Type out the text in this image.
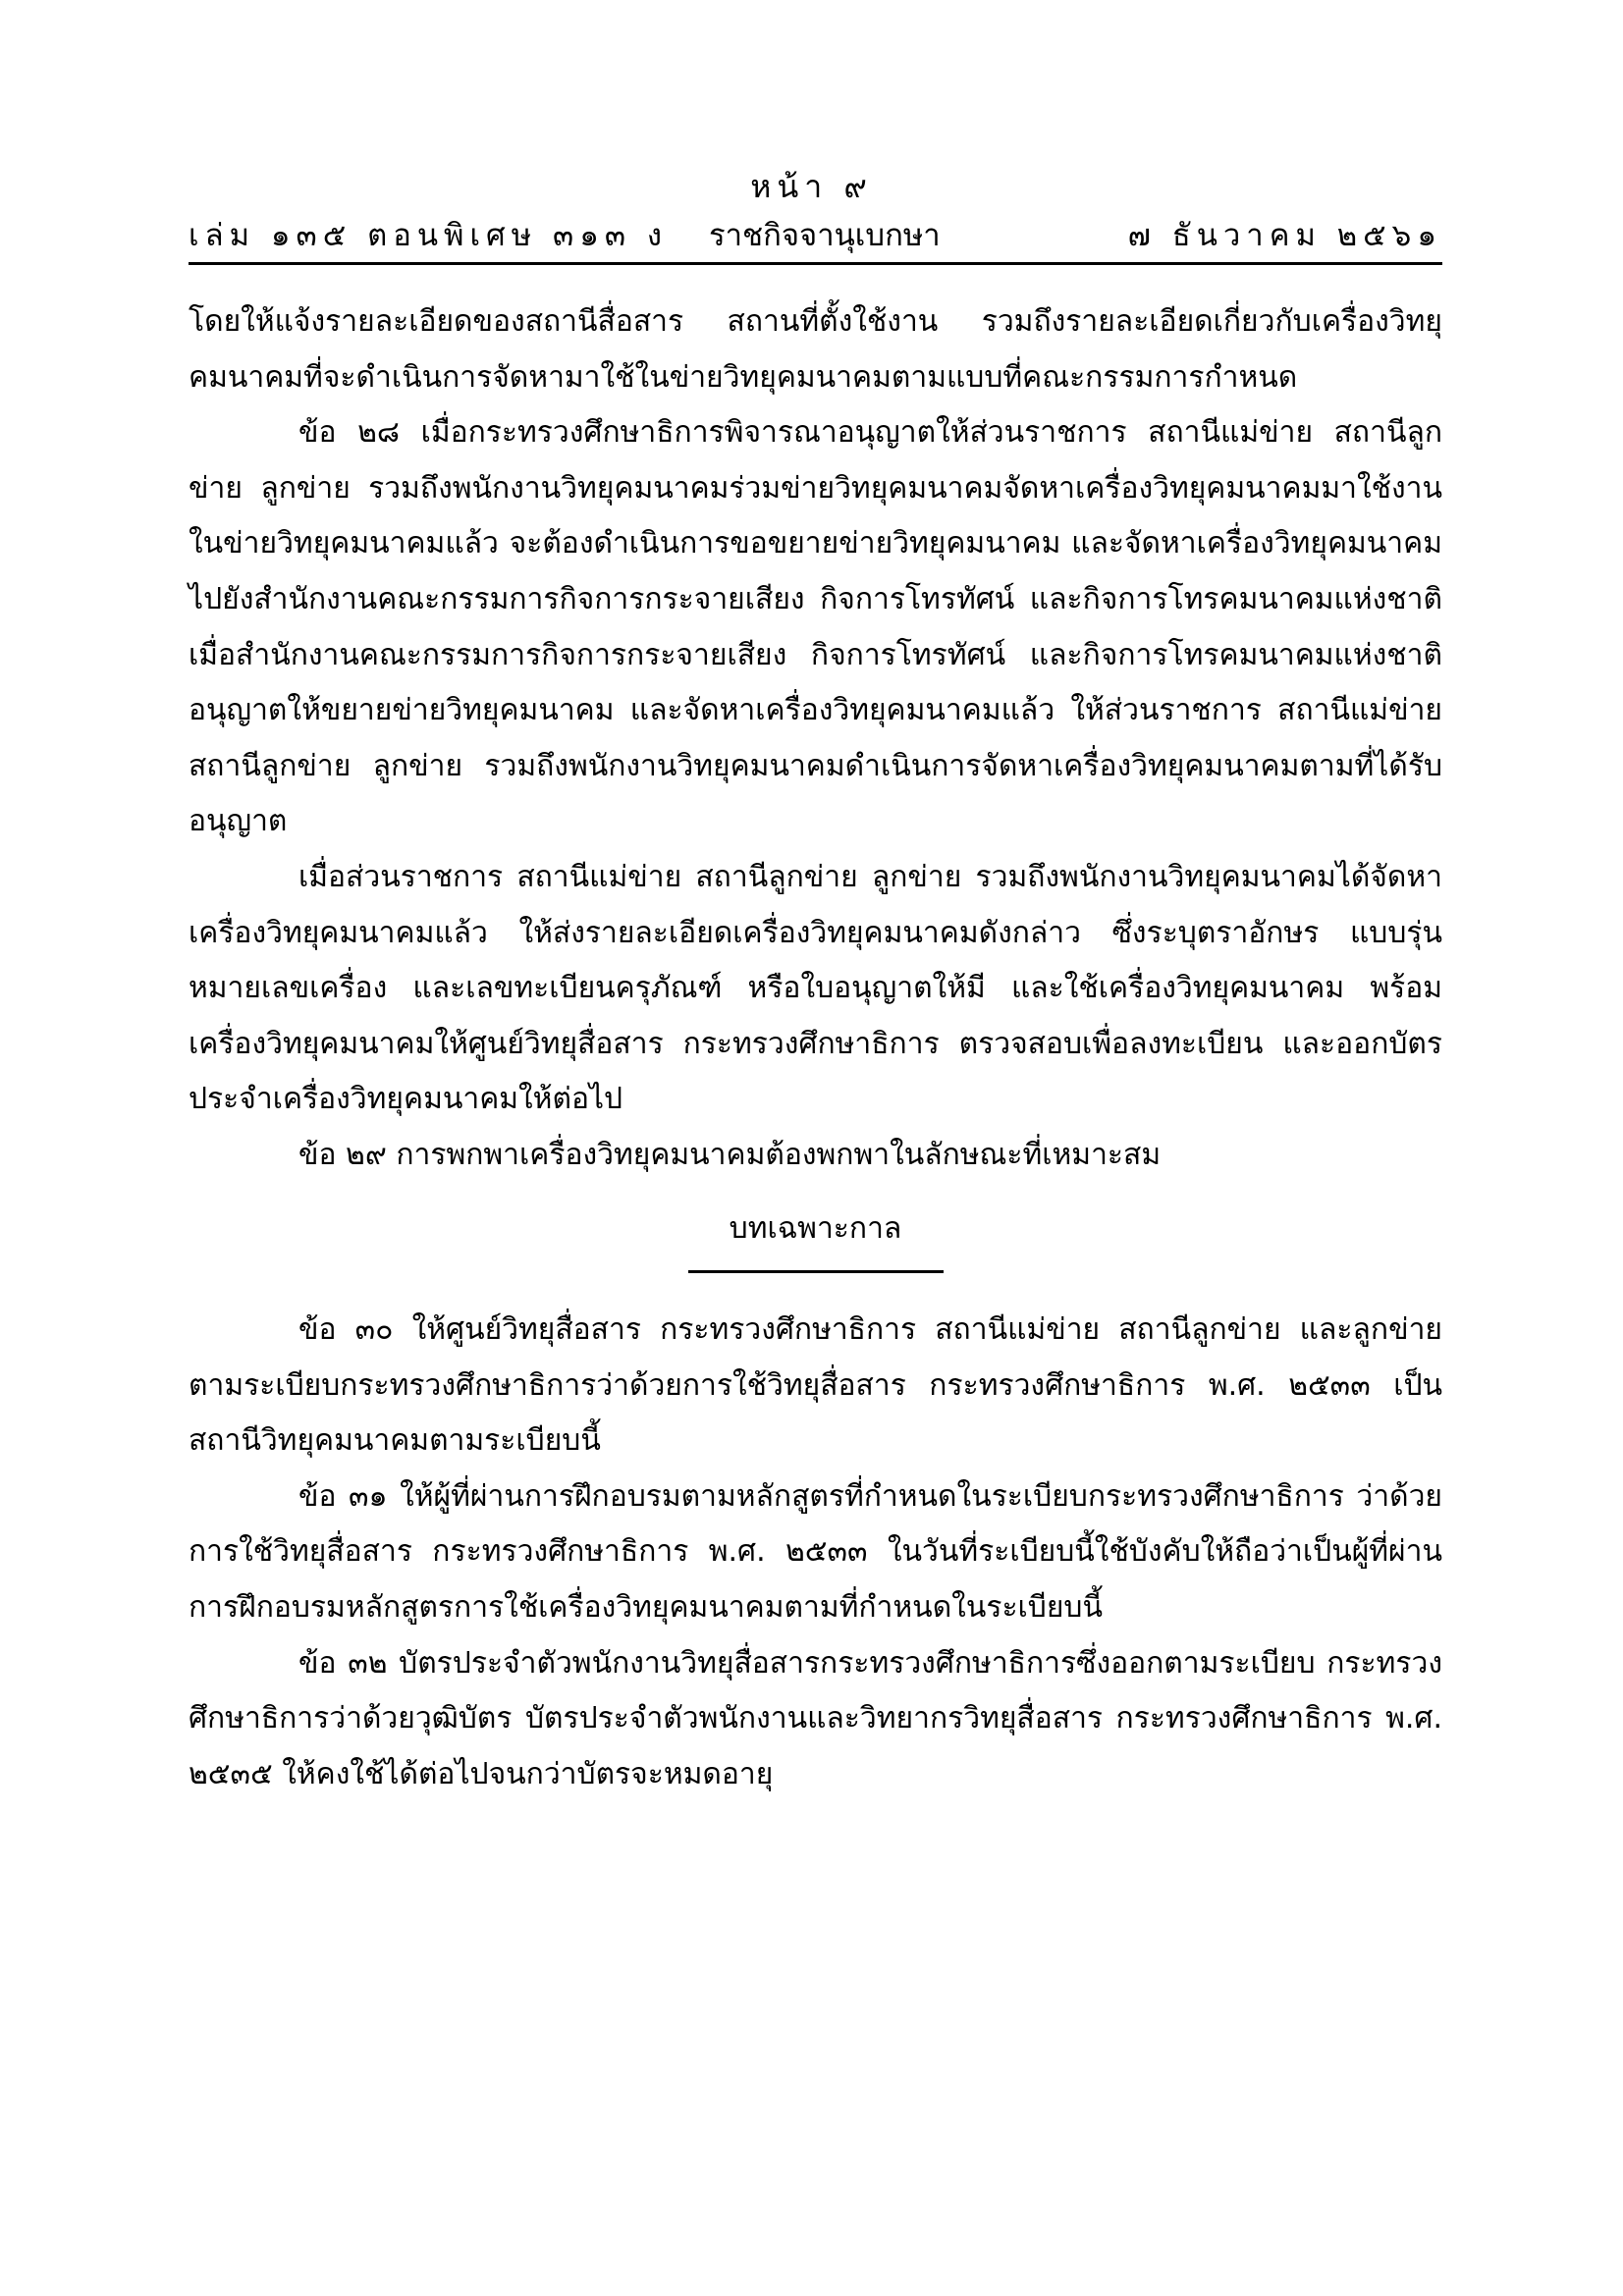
หน้า ๙
เล่ม ๑๓๕ ตอนพิเศษ ๓๑๓ ง ราชกิจจานุเบกษา	๗ ธันวาคม ๒๕๖๑

โดยให้แจ้งรายละเอียดของสถานีสื่อสาร สถานที่ตั้งใช้งาน รวมถึงรายละเอียดเกี่ยวกับเครื่องวิทยุคมนาคมที่จะดำเนินการจัดหามาใช้ในข่ายวิทยุคมนาคมตามแบบที่คณะกรรมการกำหนด

ข้อ ๒๘ เมื่อกระทรวงศึกษาธิการพิจารณาอนุญาตให้ส่วนราชการ สถานีแม่ข่าย สถานีลูกข่าย ลูกข่าย รวมถึงพนักงานวิทยุคมนาคมร่วมข่ายวิทยุคมนาคมจัดหาเครื่องวิทยุคมนาคมมาใช้งานในข่ายวิทยุคมนาคมแล้ว จะต้องดำเนินการขอขยายข่ายวิทยุคมนาคม และจัดหาเครื่องวิทยุคมนาคมไปยังสำนักงานคณะกรรมการกิจการกระจายเสียง กิจการโทรทัศน์ และกิจการโทรคมนาคมแห่งชาติ เมื่อสำนักงานคณะกรรมการกิจการกระจายเสียง กิจการโทรทัศน์ และกิจการโทรคมนาคมแห่งชาติอนุญาตให้ขยายข่ายวิทยุคมนาคม และจัดหาเครื่องวิทยุคมนาคมแล้ว ให้ส่วนราชการ สถานีแม่ข่าย สถานีลูกข่าย ลูกข่าย รวมถึงพนักงานวิทยุคมนาคมดำเนินการจัดหาเครื่องวิทยุคมนาคมตามที่ได้รับอนุญาต

เมื่อส่วนราชการ สถานีแม่ข่าย สถานีลูกข่าย ลูกข่าย รวมถึงพนักงานวิทยุคมนาคมได้จัดหาเครื่องวิทยุคมนาคมแล้ว ให้ส่งรายละเอียดเครื่องวิทยุคมนาคมดังกล่าว ซึ่งระบุตราอักษร แบบรุ่น หมายเลขเครื่อง และเลขทะเบียนครุภัณฑ์ หรือใบอนุญาตให้มี และใช้เครื่องวิทยุคมนาคม พร้อมเครื่องวิทยุคมนาคมให้ศูนย์วิทยุสื่อสาร กระทรวงศึกษาธิการ ตรวจสอบเพื่อลงทะเบียน และออกบัตรประจำเครื่องวิทยุคมนาคมให้ต่อไป

ข้อ ๒๙ การพกพาเครื่องวิทยุคมนาคมต้องพกพาในลักษณะที่เหมาะสม

บทเฉพาะกาล

ข้อ ๓๐ ให้ศูนย์วิทยุสื่อสาร กระทรวงศึกษาธิการ สถานีแม่ข่าย สถานีลูกข่าย และลูกข่าย ตามระเบียบกระทรวงศึกษาธิการว่าด้วยการใช้วิทยุสื่อสาร กระทรวงศึกษาธิการ พ.ศ. ๒๕๓๓ เป็นสถานีวิทยุคมนาคมตามระเบียบนี้

ข้อ ๓๑ ให้ผู้ที่ผ่านการฝึกอบรมตามหลักสูตรที่กำหนดในระเบียบกระทรวงศึกษาธิการ ว่าด้วยการใช้วิทยุสื่อสาร กระทรวงศึกษาธิการ พ.ศ. ๒๕๓๓ ในวันที่ระเบียบนี้ใช้บังคับให้ถือว่าเป็นผู้ที่ผ่านการฝึกอบรมหลักสูตรการใช้เครื่องวิทยุคมนาคมตามที่กำหนดในระเบียบนี้

ข้อ ๓๒ บัตรประจำตัวพนักงานวิทยุสื่อสารกระทรวงศึกษาธิการซึ่งออกตามระเบียบ กระทรวงศึกษาธิการว่าด้วยวุฒิบัตร บัตรประจำตัวพนักงานและวิทยากรวิทยุสื่อสาร กระทรวงศึกษาธิการ พ.ศ. ๒๕๓๕ ให้คงใช้ได้ต่อไปจนกว่าบัตรจะหมดอายุ
